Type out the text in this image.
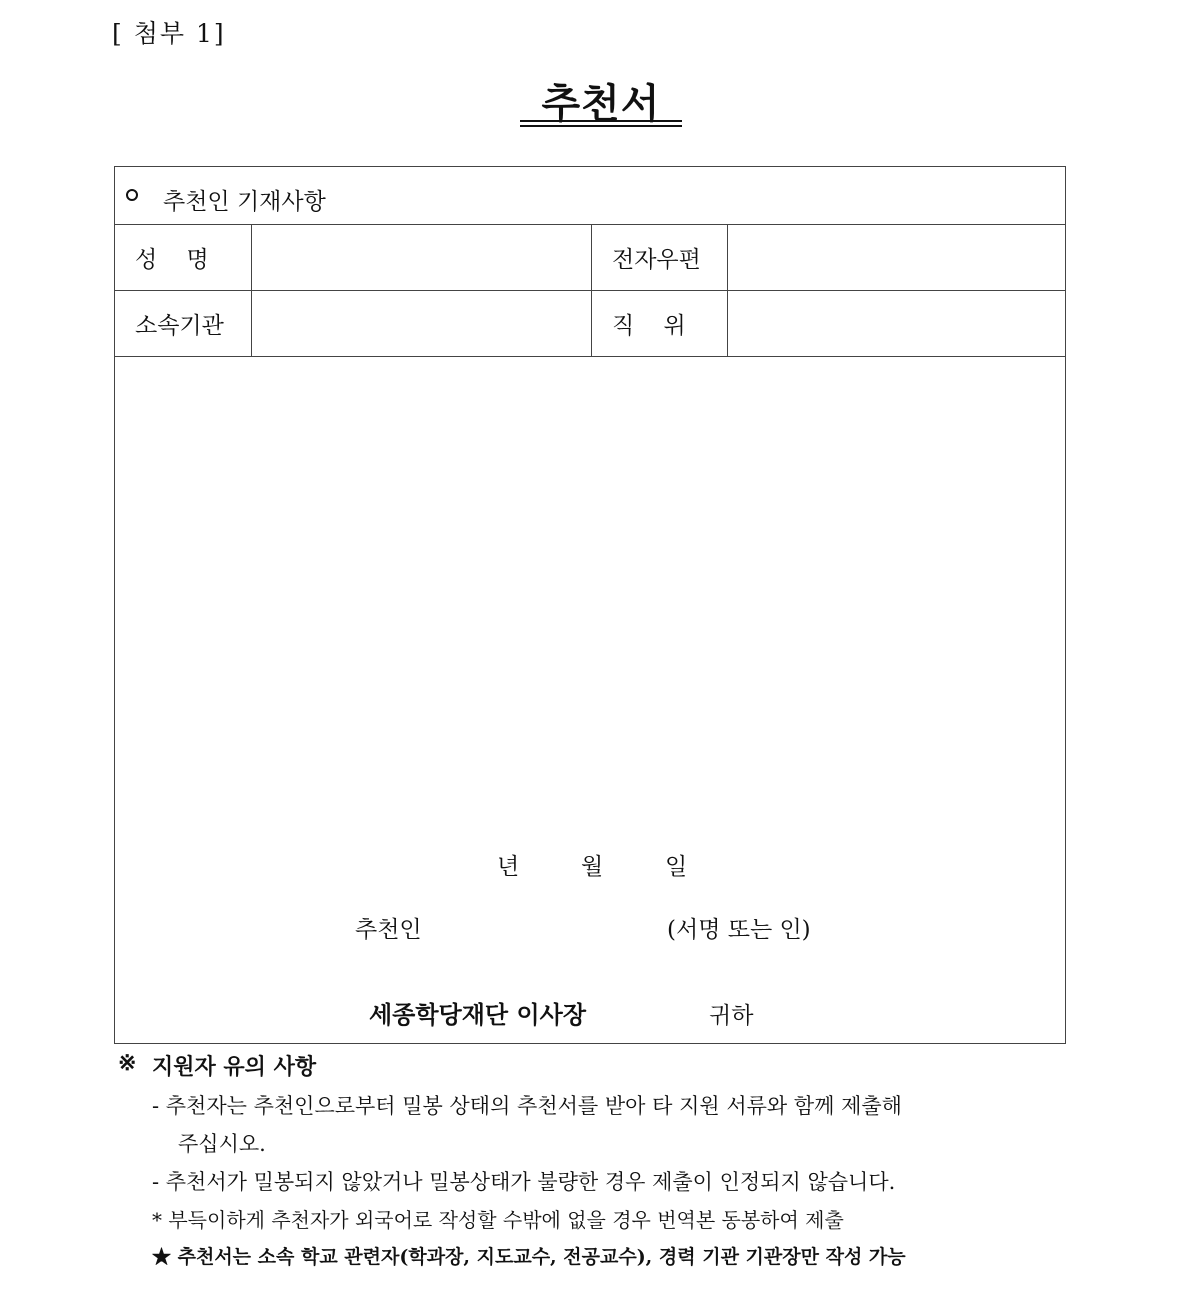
[ 첨부 1]
추천서
추천인 기재사항
성    명	전자우편
소속기관	직    위
년	월	일
추천인	(서명 또는 인)
세종학당재단 이사장	귀하
※ 지원자 유의 사항
- 추천자는 추천인으로부터 밀봉 상태의 추천서를 받아 타 지원 서류와 함께 제출해
주십시오.
- 추천서가 밀봉되지 않았거나 밀봉상태가 불량한 경우 제출이 인정되지 않습니다.
* 부득이하게 추천자가 외국어로 작성할 수밖에 없을 경우 번역본 동봉하여 제출
★ 추천서는 소속 학교 관련자(학과장, 지도교수, 전공교수), 경력 기관 기관장만 작성 가능
